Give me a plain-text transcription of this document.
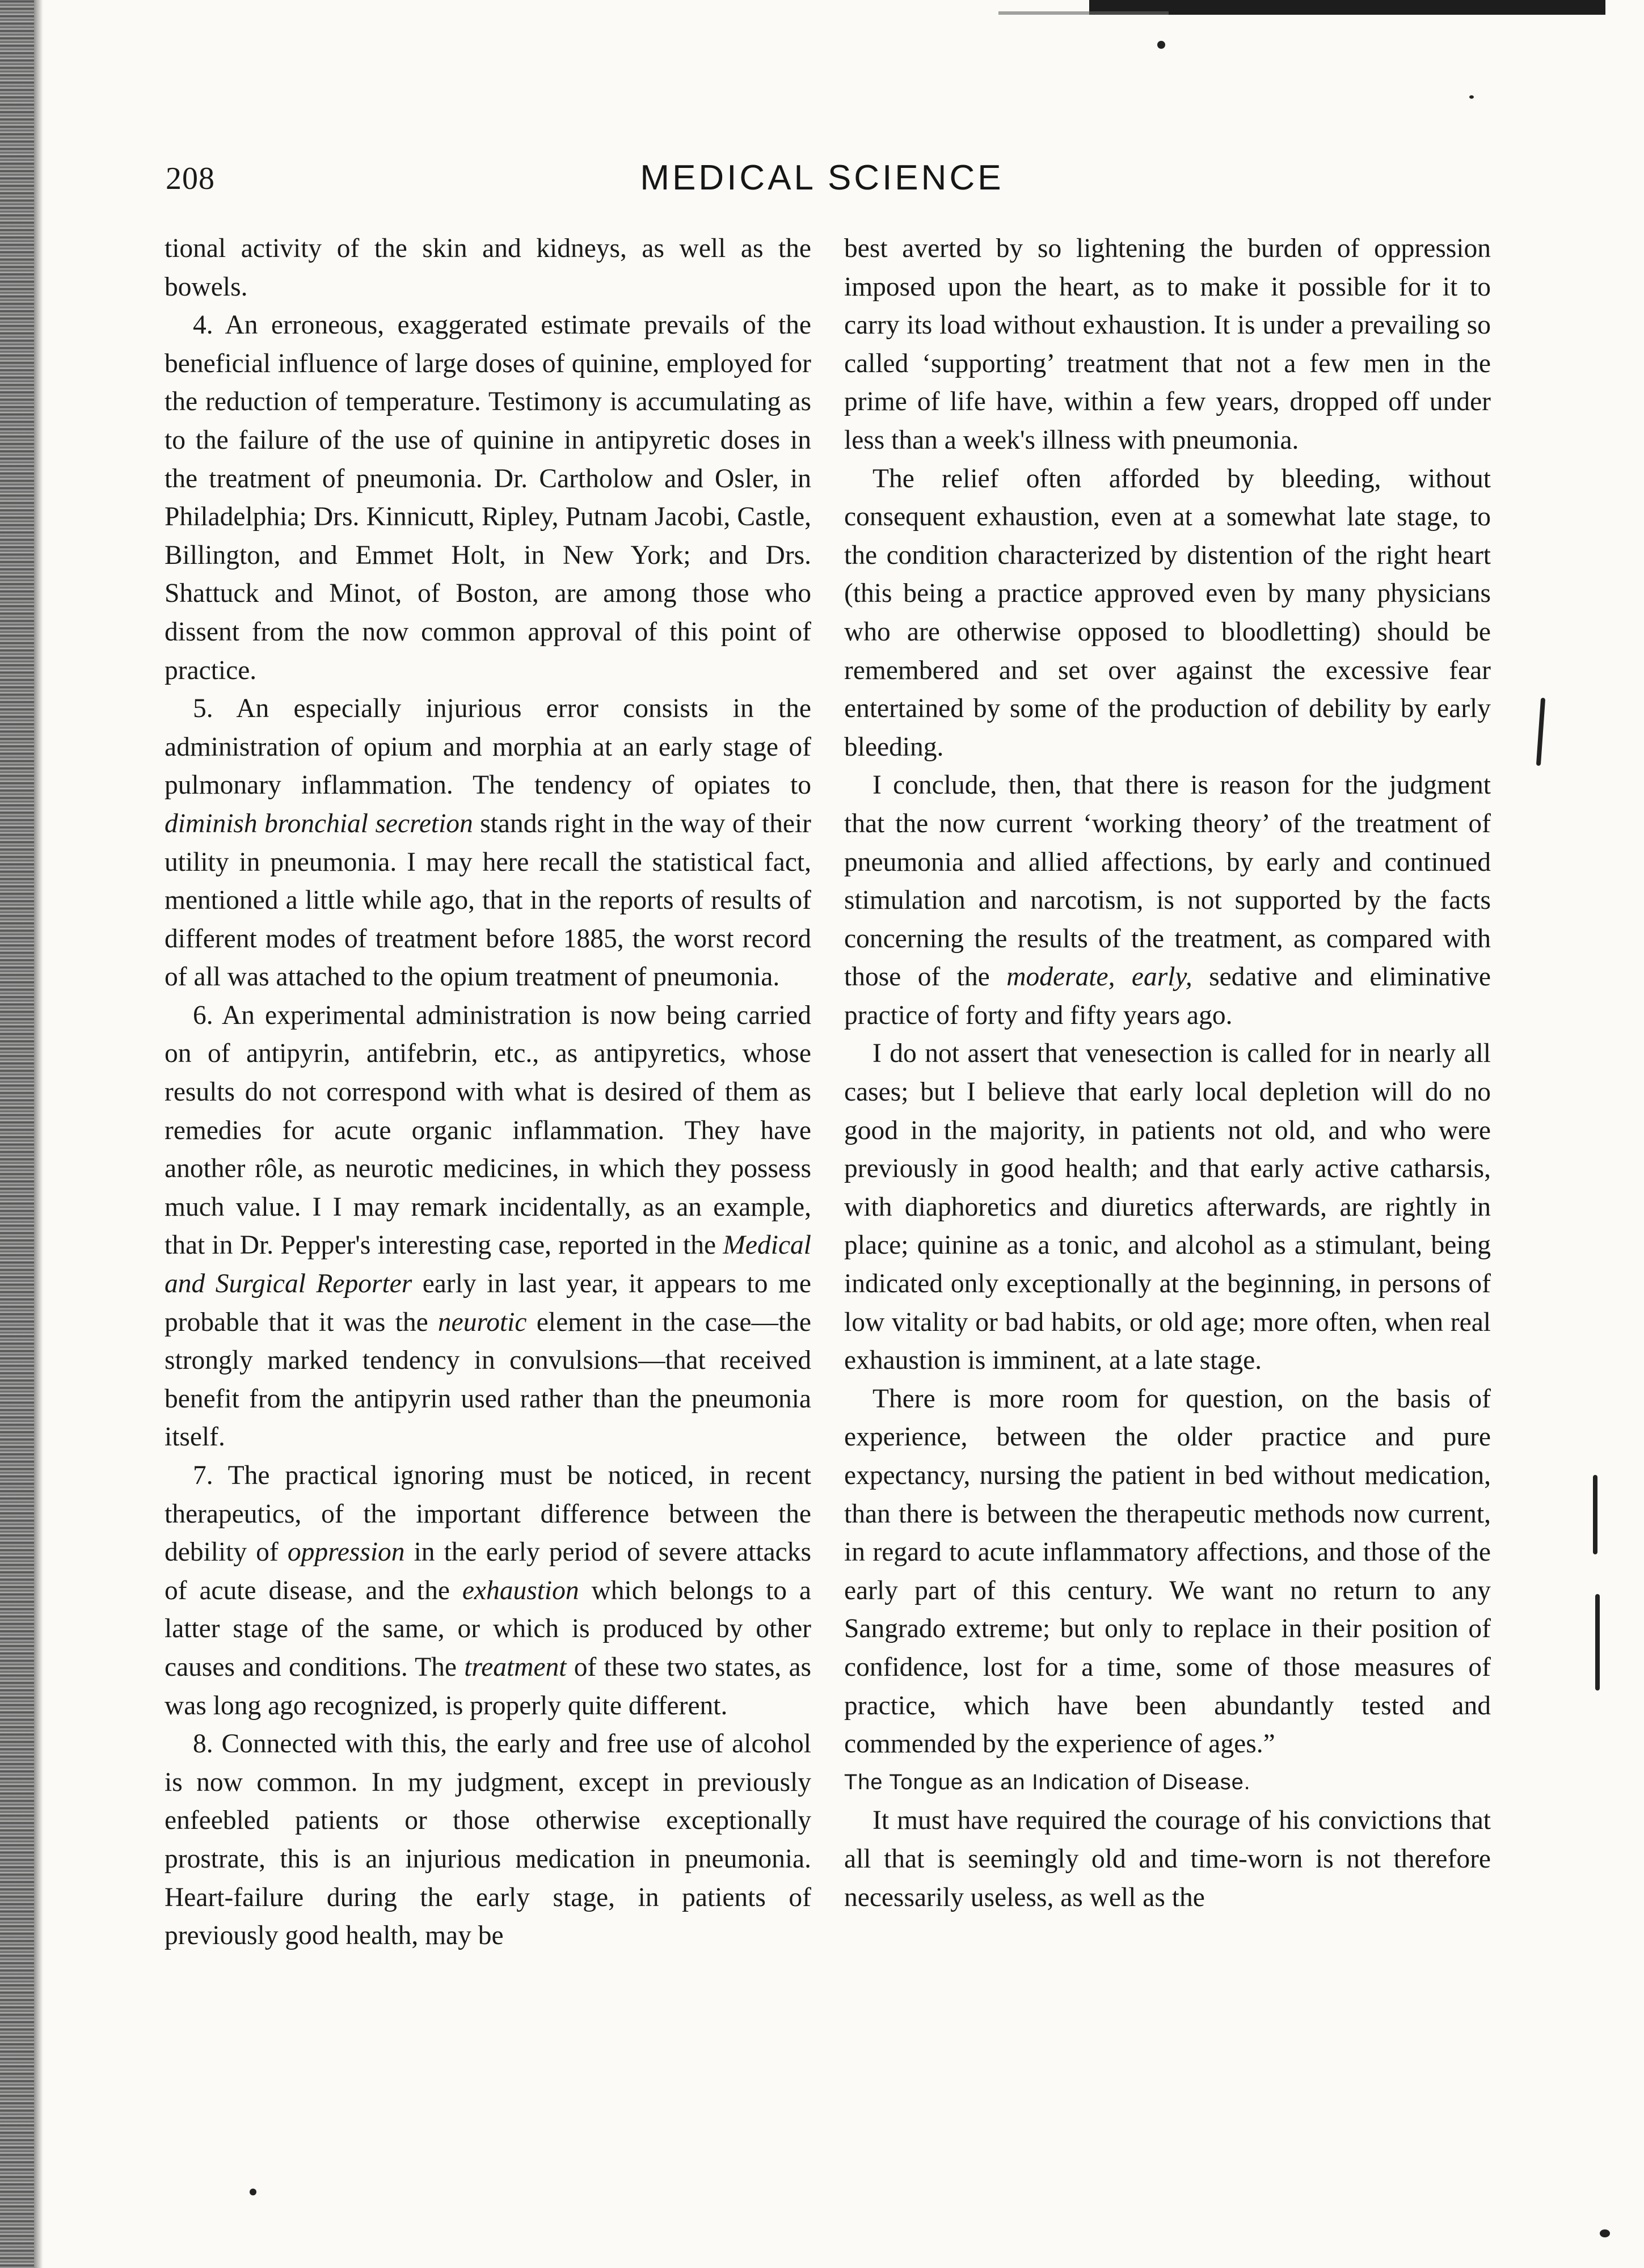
208	MEDICAL SCIENCE

tional activity of the skin and kidneys, as well as the bowels.

4. An erroneous, exaggerated estimate prevails of the beneficial influence of large doses of quinine, employed for the reduction of temperature. Testimony is accumulating as to the failure of the use of quinine in antipyretic doses in the treatment of pneumonia. Dr. Cartholow and Osler, in Philadelphia; Drs. Kinnicutt, Ripley, Putnam Jacobi, Castle, Billington, and Emmet Holt, in New York; and Drs. Shattuck and Minot, of Boston, are among those who dissent from the now common approval of this point of practice.

5. An especially injurious error consists in the administration of opium and morphia at an early stage of pulmonary inflammation. The tendency of opiates to diminish bronchial secretion stands right in the way of their utility in pneumonia. I may here recall the statistical fact, mentioned a little while ago, that in the reports of results of different modes of treatment before 1885, the worst record of all was attached to the opium treatment of pneumonia.

6. An experimental administration is now being carried on of antipyrin, antifebrin, etc., as antipyretics, whose results do not correspond with what is desired of them as remedies for acute organic inflammation. They have another rôle, as neurotic medicines, in which they possess much value. I I may remark incidentally, as an example, that in Dr. Pepper's interesting case, reported in the Medical and Surgical Reporter early in last year, it appears to me probable that it was the neurotic element in the case—the strongly marked tendency in convulsions—that received benefit from the antipyrin used rather than the pneumonia itself.

7. The practical ignoring must be noticed, in recent therapeutics, of the important difference between the debility of oppression in the early period of severe attacks of acute disease, and the exhaustion which belongs to a latter stage of the same, or which is produced by other causes and conditions. The treatment of these two states, as was long ago recognized, is properly quite different.

8. Connected with this, the early and free use of alcohol is now common. In my judgment, except in previously enfeebled patients or those otherwise exceptionally prostrate, this is an injurious medication in pneumonia. Heart-failure during the early stage, in patients of previously good health, may be

best averted by so lightening the burden of oppression imposed upon the heart, as to make it possible for it to carry its load without exhaustion. It is under a prevailing so called ‘supporting’ treatment that not a few men in the prime of life have, within a few years, dropped off under less than a week's illness with pneumonia.

The relief often afforded by bleeding, without consequent exhaustion, even at a somewhat late stage, to the condition characterized by distention of the right heart (this being a practice approved even by many physicians who are otherwise opposed to bloodletting) should be remembered and set over against the excessive fear entertained by some of the production of debility by early bleeding.

I conclude, then, that there is reason for the judgment that the now current ‘working theory’ of the treatment of pneumonia and allied affections, by early and continued stimulation and narcotism, is not supported by the facts concerning the results of the treatment, as compared with those of the moderate, early, sedative and eliminative practice of forty and fifty years ago.

I do not assert that venesection is called for in nearly all cases; but I believe that early local depletion will do no good in the majority, in patients not old, and who were previously in good health; and that early active catharsis, with diaphoretics and diuretics afterwards, are rightly in place; quinine as a tonic, and alcohol as a stimulant, being indicated only exceptionally at the beginning, in persons of low vitality or bad habits, or old age; more often, when real exhaustion is imminent, at a late stage.

There is more room for question, on the basis of experience, between the older practice and pure expectancy, nursing the patient in bed without medication, than there is between the therapeutic methods now current, in regard to acute inflammatory affections, and those of the early part of this century. We want no return to any Sangrado extreme; but only to replace in their position of confidence, lost for a time, some of those measures of practice, which have been abundantly tested and commended by the experience of ages.”

The Tongue as an Indication of Disease.

It must have required the courage of his convictions that all that is seemingly old and time-worn is not therefore necessarily useless, as well as the
